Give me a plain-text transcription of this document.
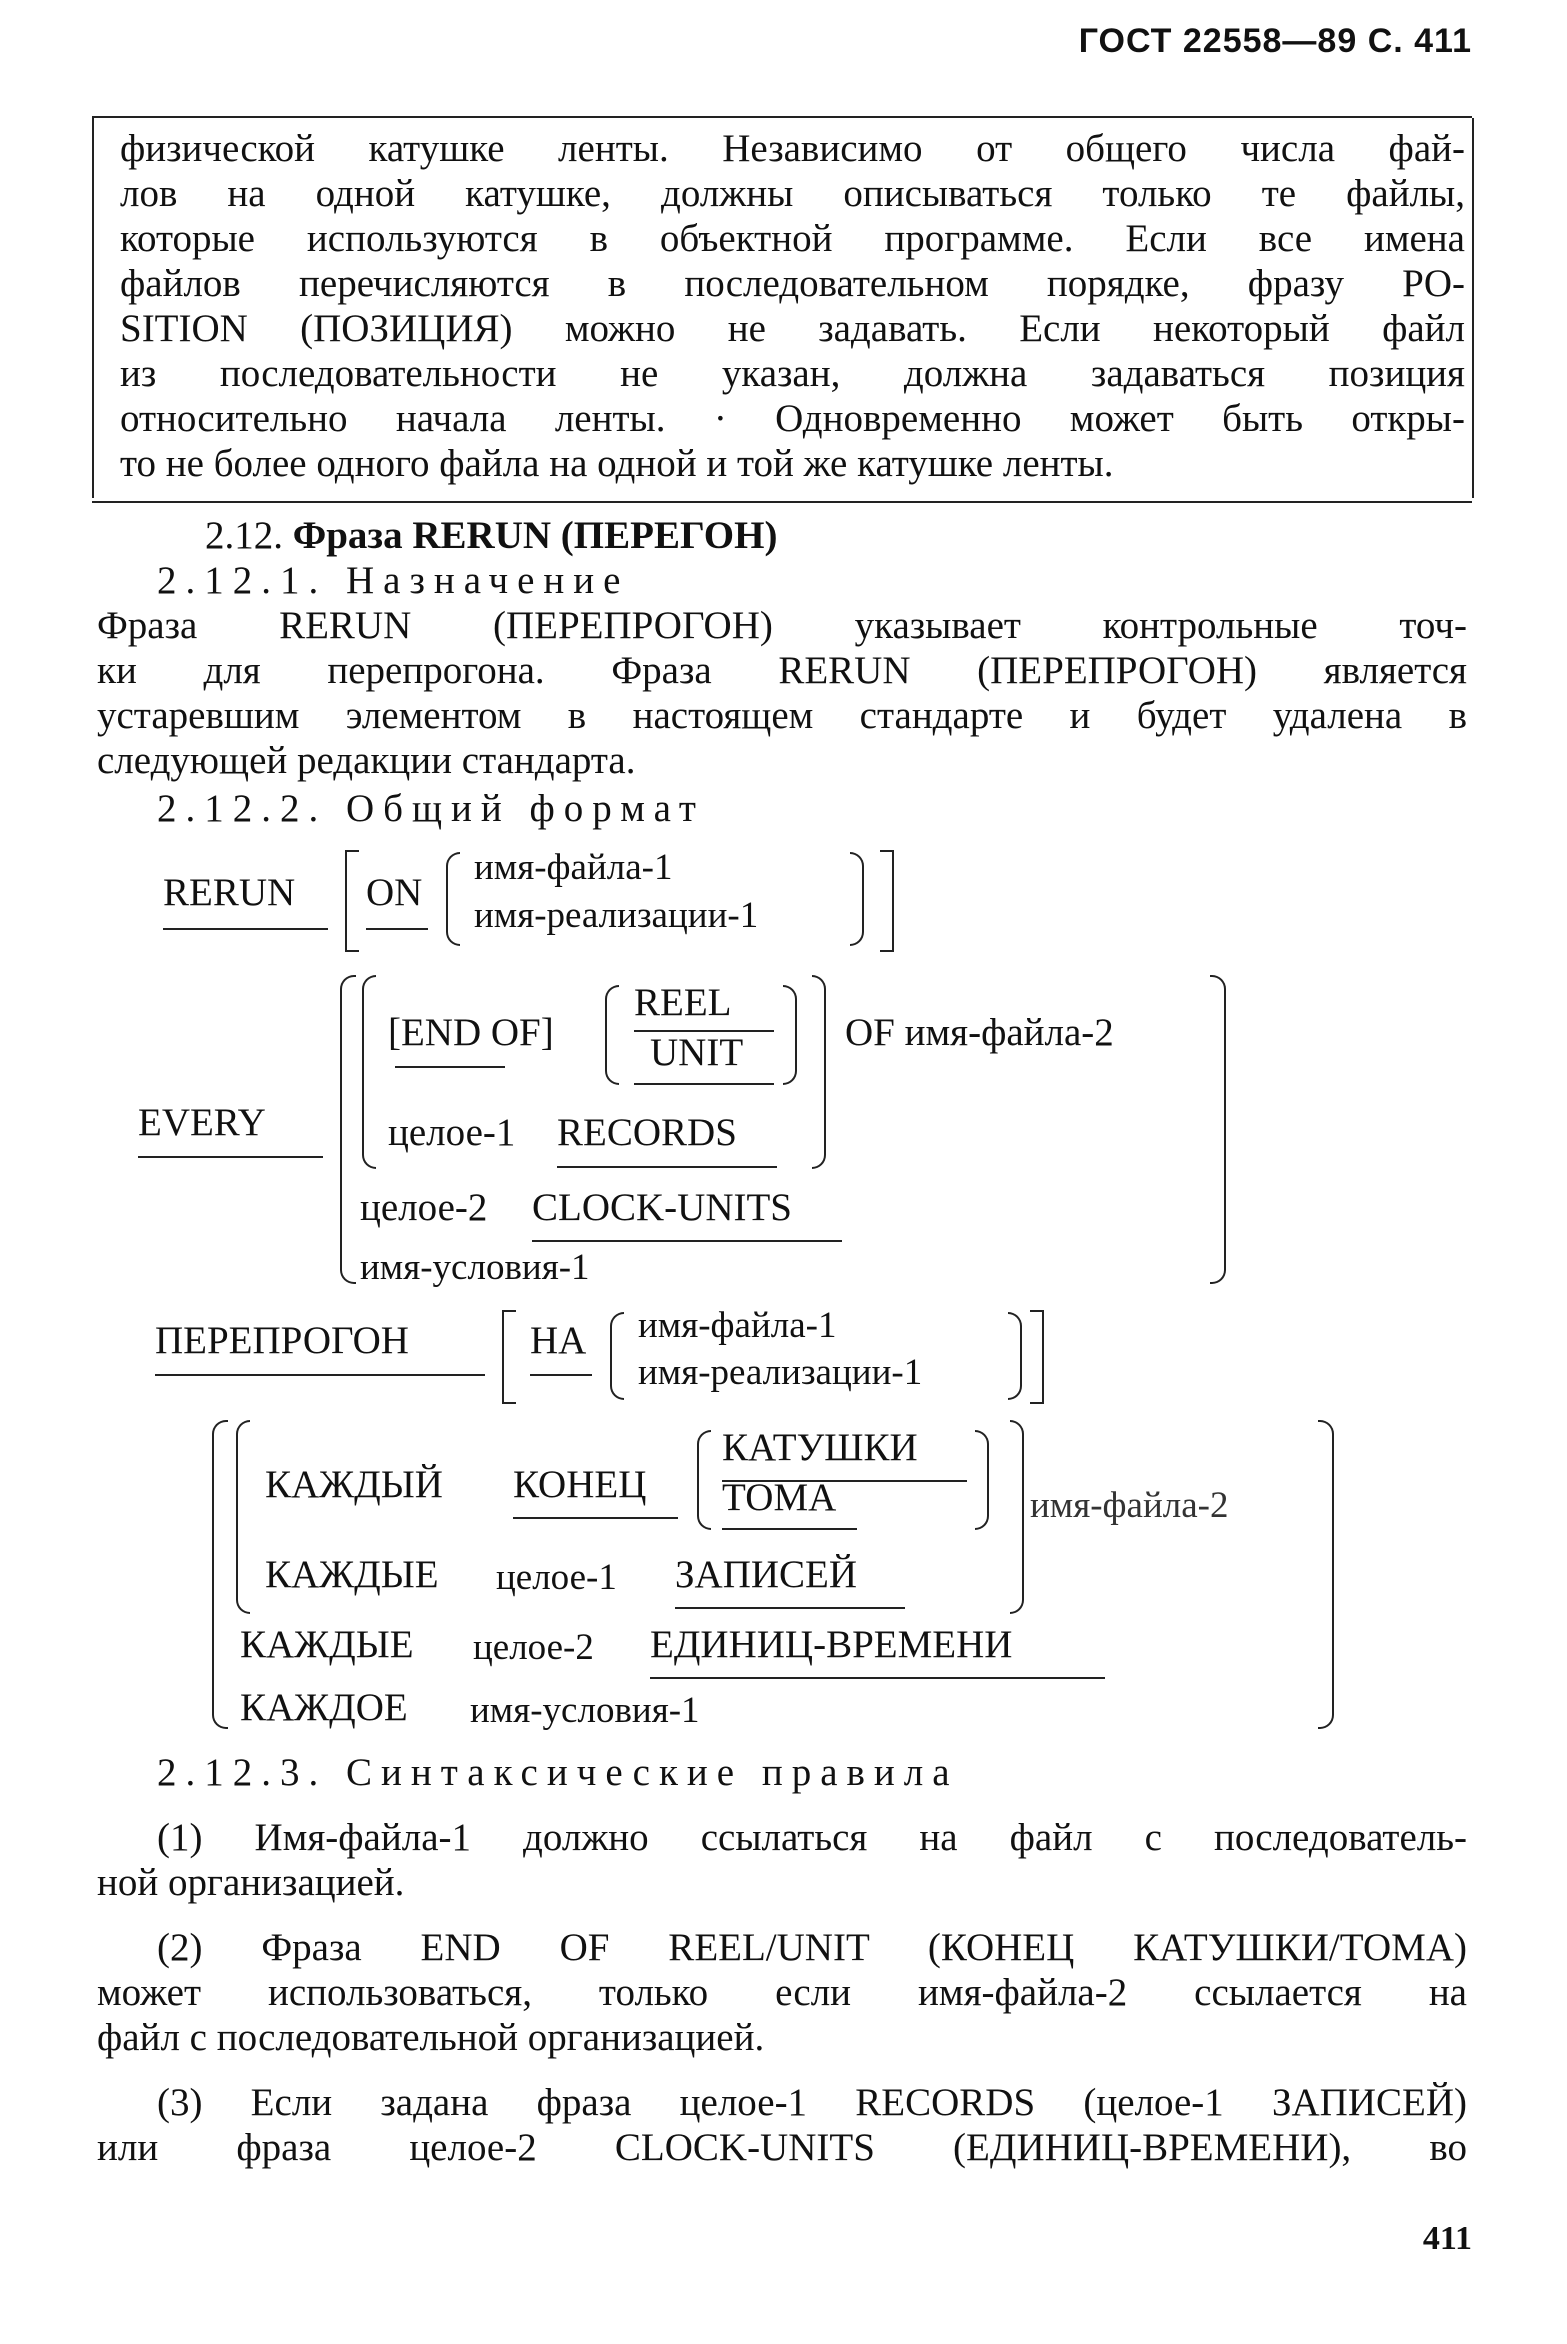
ГОСТ 22558—89 С. 411
физической катушке ленты. Независимо от общего числа фай-
лов на одной катушке, должны описываться только те файлы,
которые используются в объектной программе. Если все имена
файлов перечисляются в последовательном порядке, фразу PO-
SITION (ПОЗИЦИЯ) можно не задавать. Если некоторый файл
из последовательности не указан, должна задаваться позиция
относительно начала ленты. · Одновременно может быть откры-
то не более одного файла на одной и той же катушке ленты.
2.12. Фраза RERUN (ПЕРЕГОН)
2.12.1. Назначение
Фраза RERUN (ПЕРЕПРОГОН) указывает контрольные точ-
ки для перепрогона. Фраза RERUN (ПЕРЕПРОГОН) является
устаревшим элементом в настоящем стандарте и будет удалена в
следующей редакции стандарта.
2.12.2. Общий формат
RERUN ON
имя-файла-1
имя-реализации-1
[END OF]
REEL
UNIT
целое-1 RECORDS
OF имя-файла-2
EVERY
целое-2 CLOCK-UNITS
имя-условия-1
ПЕРЕПРОГОН	НА имя-файла-1
имя-реализации-1
КАЖДЫЙ КОНЕЦ
КАТУШКИ
ТОМА
КАЖДЫЕ целое-1 ЗАПИСЕЙ
имя-файла-2
КАЖДЫЕ целое-2 ЕДИНИЦ-ВРЕМЕНИ
КАЖДОЕ имя-условия-1
2.12.3. Синтаксические правила
(1) Имя-файла-1 должно ссылаться на файл с последователь-
ной организацией.
(2) Фраза END OF REEL/UNIT (КОНЕЦ КАТУШКИ/ТОМА)
может использоваться, только если имя-файла-2 ссылается на
файл с последовательной организацией.
(3) Если задана фраза целое-1 RECORDS (целое-1 ЗАПИСЕЙ)
или фраза целое-2 CLOCK-UNITS (ЕДИНИЦ-ВРЕМЕНИ), во
411
